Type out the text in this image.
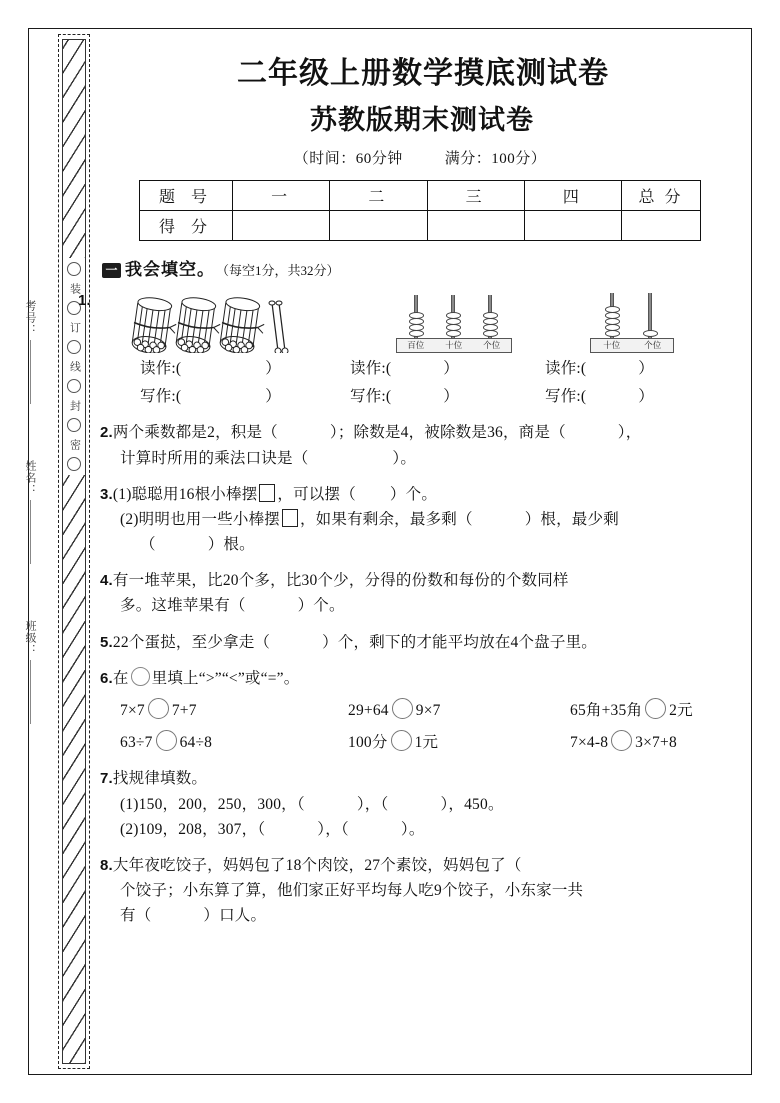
考号：
姓名：
班级：
装
订
线
封
密
二年级上册数学摸底测试卷
苏教版期末测试卷
（时间：60分钟	满分：100分）
题 号	一	二	三	四	总 分
得 分					
一 我会填空。 （每空1分，共32分）
1.
百位 十位 个位	十位	个位
读作:(	）	读作:(	）	读作:(	）
写作:(	）	写作:(	）	写作:(	）
2.两个乘数都是2，积是（	）；除数是4，被除数是36，商是（	），
计算时所用的乘法口诀是（	）。
3.(1)聪聪用16根小棒摆 ，可以摆（ ）个。
(2)明明也用一些小棒摆 ，如果有剩余，最多剩（	）根，最少剩
（	）根。
4.有一堆苹果，比20个多，比30个少，分得的份数和每份的个数同样
多。这堆苹果有（	）个。
5.22个蛋挞，至少拿走（	）个，剩下的才能平均放在4个盘子里。
6.在 里填上“>”“<”或“=”。
7×7 7+7	29+64 9×7	65角+35角 2元
63÷7 64÷8	100分 1元	7×4-8 3×7+8
7.找规律填数。
(1)150，200，250，300，（	），（	），450。
(2)109，208，307，（	），（	）。
8.大年夜吃饺子，妈妈包了18个肉饺，27个素饺，妈妈包了（
个饺子；小东算了算，他们家正好平均每人吃9个饺子，小东家一共
有（	）口人。
